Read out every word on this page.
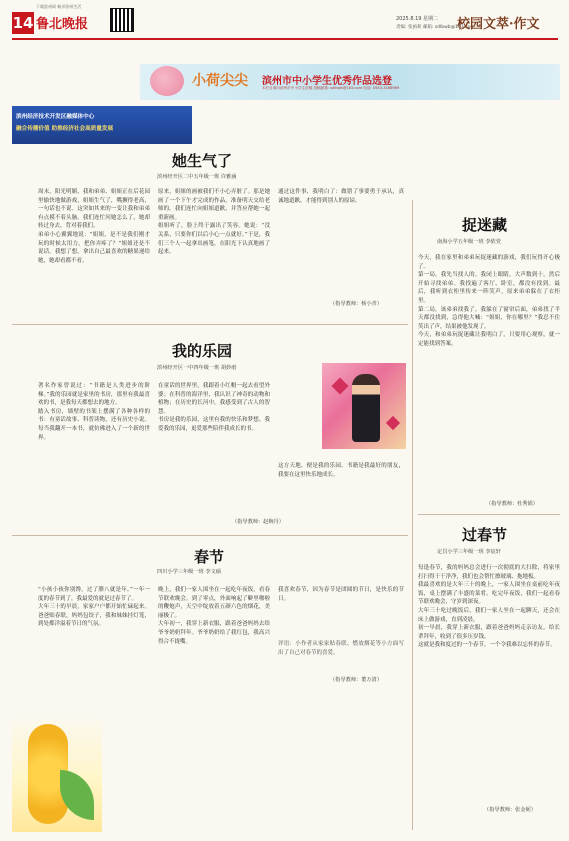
下载滨州网 畅享滨州生活
14 鲁北晚报	2025.8.19 星期二
责编: 张函莉 邮箱: sdlbwb@163.com
校园文萃·作文
小荷尖尖 滨州市中小学生优秀作品选登
本栏目面向滨州市中小学生征稿 投稿邮箱: sdlbwb@163.com 电话: 0543-3168969
滨州经济技术开发区融媒体中心
融合传播价值 助推经济社会高质量发展
她生气了
滨州经开区二中五年级一班 许雅涵
周末，阳光明媚，我和弟弟、姐姐正在后花园里愉快地做游戏，姐姐生气了，嘴撅得老高，一句话也不说。这突如其来的一变让我和弟弟有点摸不着头脑。我们连忙问她怎么了，她却转过身去，背对着我们。
弟弟小心翼翼地说：“姐姐，是不是我们刚才玩的时候太用力，把你弄疼了？”姐姐还是不说话。我想了想，拿出自己最喜欢的糖果递给她，她却看都不看。
原来，姐姐的画被我们不小心弄脏了。那是她画了一个下午才完成的作品，准备明天交给老师的。我们连忙向姐姐道歉，并答应帮她一起重新画。
姐姐听了，脸上终于露出了笑容。她说：“没关系，只要你们以后小心一点就好。”于是，我们三个人一起拿出画笔，在阳光下认真地画了起来。
通过这件事，我明白了：做错了事要勇于承认，真诚地道歉，才能得到别人的原谅。
（指导教师：杨小青）
我的乐园
滨州经开区一中四年级一班 胡妙雨
著名作家曾说过：“书籍是人类进步的阶梯。”我的乐园就是家里的书房，那里有我最喜欢的书，是我每天都想去的地方。
踏入书房，墙壁的书架上摆满了各种各样的书：有童话故事、科普读物，还有历史小说。每当我翻开一本书，就仿佛进入了一个新的世界。
在童话的世界里，我跟着小红帽一起去看望外婆；在科普的海洋里，我认识了神奇的动物和植物；在历史的长河中，我感受到了古人的智慧。
书房是我的乐园，这里有我的快乐和梦想。我爱我的乐园，更爱那些陪伴我成长的书。
这方天地，便是我的乐园。书籍是我最好的朋友，我要在这里快乐地成长。
（指导教师：赵婉丹）
春节
四川小学三年级一班 李文硕
“小孩小孩你别馋，过了腊八就是年。”一年一度的春节到了，我最爱的就是过春节了。
大年三十的早晨，家家户户都开始忙碌起来。爸爸贴春联，妈妈包饺子，我和妹妹挂灯笼，到处都洋溢着节日的气氛。
晚上，我们一家人围坐在一起吃年夜饭，看春节联欢晚会。到了零点，外面响起了噼里啪啦的鞭炮声，天空中绽放着五颜六色的烟花，美丽极了。
大年初一，我穿上新衣服，跟着爸爸妈妈去给爷爷奶奶拜年。爷爷奶奶给了我红包，我高兴得合不拢嘴。
我喜欢春节，因为春节是团圆的节日，是快乐的节日。
评语：小作者从家家贴春联、燃放烟花等小方面写出了自己对春节的喜爱。
（指导教师：董万清）
捉迷藏
南海小学五年级一班 李依萱
今天，我在家里和弟弟玩捉迷藏的游戏，我们玩得开心极了。
第一局，我先当找人的。我闭上眼睛，大声数到十，然后开始寻找弟弟。我找遍了客厅、卧室，都没有找到。最后，我听到衣柜里传来一阵笑声，原来弟弟躲在了衣柜里。
第二局，该弟弟找我了。我躲在了窗帘后面，弟弟找了半天都没找到，急得他大喊：“姐姐，你在哪里？”我忍不住笑出了声，结果被他发现了。
今天，和弟弟玩捉迷藏让我明白了，只要用心观察，就一定能找到答案。
（指导教师：杜秀娟）
过春节
定昌小学三年级一班 李宸轩
每逢春节，我的妈妈总会进行一次彻底的大扫除，将家里打扫得干干净净，我们也会帮忙擦玻璃、拖地板。
我最喜欢的是大年三十的晚上，一家人围坐在桌前吃年夜饭，桌上摆满了丰盛的菜肴。吃完年夜饭，我们一起看春节联欢晚会，守岁到深夜。
大年三十吃过晚饭后，我们一家人坐在一起聊天，还会在床上做游戏，直到凌晨。
初一早晨，我穿上新衣服，跟着爸爸妈妈走亲访友，给长辈拜年，收到了很多压岁钱。
这就是我和度过的一个春节，一个令我难以忘怀的春节。
（指导教师：张金妮）
